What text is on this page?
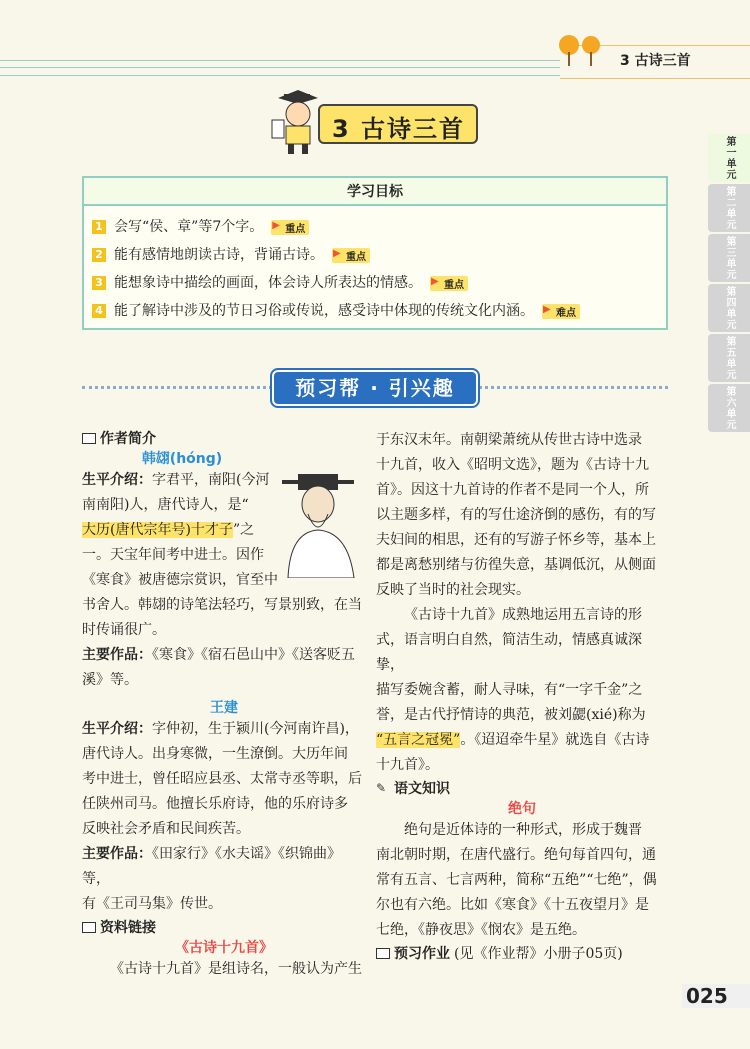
3 古诗三首
3 古诗三首
第一单元
第二单元
第三单元
第四单元
第五单元
第六单元
学习目标
1 会写“侯、章”等7个字。	▶ 重点
2 能有感情地朗读古诗，背诵古诗。	▶ 重点
3 能想象诗中描绘的画面，体会诗人所表达的情感。	▶ 重点
4 能了解诗中涉及的节日习俗或传说，感受诗中体现的传统文化内涵。	▶ 难点
预习帮 · 引兴趣
作者简介
韩翃(hóng)

生平介绍：字君平，南阳(今河

南南阳)人，唐代诗人，是“

大历(唐代宗年号)十才子”之

一。天宝年间考中进士。因作

《寒食》被唐德宗赏识，官至中

书舍人。韩翃的诗笔法轻巧，写景别致，在当

时传诵很广。

主要作品：《寒食》《宿石邑山中》《送客贬五

溪》等。

王建

生平介绍：字仲初，生于颍川(今河南许昌)，

唐代诗人。出身寒微，一生潦倒。大历年间

考中进士，曾任昭应县丞、太常寺丞等职，后

任陕州司马。他擅长乐府诗，他的乐府诗多

反映社会矛盾和民间疾苦。

主要作品：《田家行》《水夫谣》《织锦曲》等，

有《王司马集》传世。

资料链接
《古诗十九首》

《古诗十九首》是组诗名，一般认为产生

于东汉末年。南朝梁萧统从传世古诗中选录

十九首，收入《昭明文选》，题为《古诗十九

首》。因这十九首诗的作者不是同一个人，所

以主题多样，有的写仕途济倒的感伤，有的写

夫妇间的相思，还有的写游子怀乡等，基本上

都是离愁别绪与彷徨失意，基调低沉，从侧面

反映了当时的社会现实。

《古诗十九首》成熟地运用五言诗的形

式，语言明白自然，简洁生动，情感真诚深挚，

描写委婉含蓄，耐人寻味，有“一字千金”之

誉，是古代抒情诗的典范，被刘勰(xié)称为

“五言之冠冕”。《迢迢牵牛星》就选自《古诗

十九首》。

✎ 语文知识
绝句

绝句是近体诗的一种形式，形成于魏晋

南北朝时期，在唐代盛行。绝句每首四句，通

常有五言、七言两种，简称“五绝”“七绝”，偶

尔也有六绝。比如《寒食》《十五夜望月》是

七绝，《静夜思》《悯农》是五绝。

预习作业 (见《作业帮》小册子05页)
025
